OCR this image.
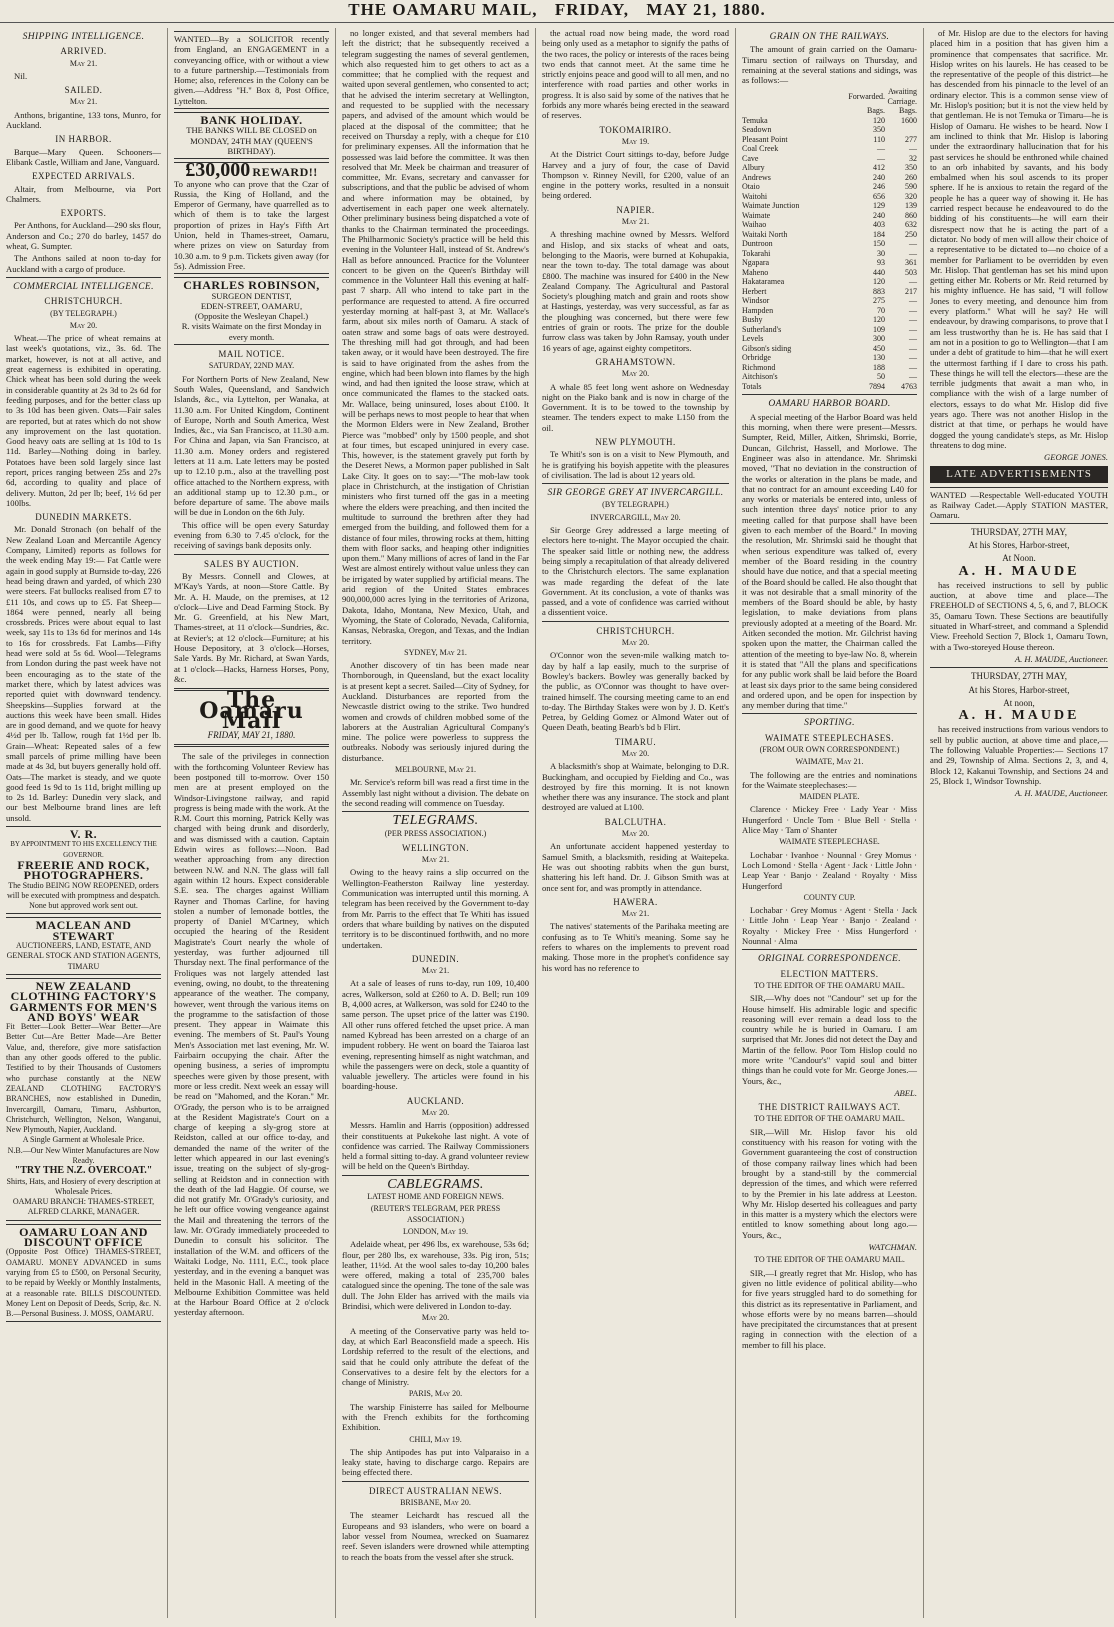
THE OAMARU MAIL, FRIDAY, MAY 21, 1880.
SHIPPING INTELLIGENCE.
ARRIVED.
May 21.

Nil.

SAILED.
May 21.

Anthons, brigantine, 133 tons, Munro, for Auckland.

IN HARBOR.

Barque—Mary Queen. Schooners—Elibank Castle, William and Jane, Vanguard.

EXPECTED ARRIVALS.

Altair, from Melbourne, via Port Chalmers.

EXPORTS.

Per Anthons, for Auckland—290 sks flour, Anderson and Co.; 270 do barley, 1457 do wheat, G. Sumpter.

The Anthons sailed at noon to-day for Auckland with a cargo of produce.

COMMERCIAL INTELLIGENCE.
CHRISTCHURCH.
(BY TELEGRAPH.)
May 20.

Wheat.—The price of wheat remains at last week's quotations, viz., 3s. 6d. The market, however, is not at all active, and great eagerness is exhibited in operating. Chick wheat has been sold during the week in considerable quantity at 2s 3d to 2s 6d for feeding purposes, and for the better class up to 3s 10d has been given. Oats—Fair sales are reported, but at rates which do not show any improvement on the last quotation. Good heavy oats are selling at 1s 10d to 1s 11d. Barley—Nothing doing in barley. Potatoes have been sold largely since last report, prices ranging between 25s and 27s 6d, according to quality and place of delivery. Mutton, 2d per lb; beef, 1½ 6d per 100lbs.

DUNEDIN MARKETS.

Mr. Donald Stronach (on behalf of the New Zealand Loan and Mercantile Agency Company, Limited) reports as follows for the week ending May 19:— Fat Cattle were again in good supply at Burnside to-day, 226 head being drawn and yarded, of which 230 were steers. Fat bullocks realised from £7 to £11 10s, and cows up to £5. Fat Sheep—1864 were penned, nearly all being crossbreds. Prices were about equal to last week, say 11s to 13s 6d for merinos and 14s to 16s for crossbreds. Fat Lambs—Fifty head were sold at 5s 6d. Wool—Telegrams from London during the past week have not been encouraging as to the state of the market there, which by latest advices was reported quiet with downward tendency. Sheepskins—Supplies forward at the auctions this week have been small. Hides are in good demand, and we quote for heavy 4½d per lb. Tallow, rough fat 1½d per lb. Grain—Wheat: Repeated sales of a few small parcels of prime milling have been made at 4s 3d, but buyers generally hold off. Oats—The market is steady, and we quote good feed 1s 9d to 1s 11d, bright milling up to 2s 1d. Barley: Dunedin very slack, and our best Melbourne brand lines are left unsold.

V. R.
BY APPOINTMENT TO HIS EXCELLENCY THE GOVERNOR.
FREERIE AND ROCK, PHOTOGRAPHERS.
The Studio BEING NOW REOPENED, orders will be executed with promptness and despatch. None but approved work sent out.
MACLEAN AND STEWART
AUCTIONEERS, LAND, ESTATE, AND GENERAL STOCK AND STATION AGENTS, TIMARU
NEW ZEALAND CLOTHING FACTORY'S GARMENTS FOR MEN'S AND BOYS' WEAR
Fit Better—Look Better—Wear Better—Are Better Cut—Are Better Made—Are Better Value, and, therefore, give more satisfaction than any other goods offered to the public. Testified to by their Thousands of Customers who purchase constantly at the NEW ZEALAND CLOTHING FACTORY'S BRANCHES, now established in Dunedin, Invercargill, Oamaru, Timaru, Ashburton, Christchurch, Wellington, Nelson, Wanganui, New Plymouth, Napier, Auckland.
A Single Garment at Wholesale Price.
N.B.—Our New Winter Manufactures are Now Ready.
"TRY THE N.Z. OVERCOAT."
Shirts, Hats, and Hosiery of every description at Wholesale Prices.
OAMARU BRANCH: THAMES-STREET, ALFRED CLARKE, MANAGER.
OAMARU LOAN AND DISCOUNT OFFICE
(Opposite Post Office) THAMES-STREET, OAMARU. MONEY ADVANCED in sums varying from £5 to £500, on Personal Security, to be repaid by Weekly or Monthly Instalments, at a reasonable rate. BILLS DISCOUNTED. Money Lent on Deposit of Deeds, Scrip, &c. N. B.—Personal Business. J. MOSS, OAMARU.
WANTED—By a SOLICITOR recently from England, an ENGAGEMENT in a conveyancing office, with or without a view to a future partnership.—Testimonials from Home; also, references in the Colony can be given.—Address "H." Box 8, Post Office, Lyttelton.
BANK HOLIDAY.
THE BANKS WILL BE CLOSED on MONDAY, 24TH MAY (QUEEN'S BIRTHDAY).
£30,000 REWARD!!
To anyone who can prove that the Czar of Russia, the King of Holland, and the Emperor of Germany, have quarrelled as to which of them is to take the largest proportion of prizes in Hay's Fifth Art Union, held in Thames-street, Oamaru, where prizes on view on Saturday from 10.30 a.m. to 9 p.m. Tickets given away (for 5s). Admission Free.
CHARLES ROBINSON,
SURGEON DENTIST,
EDEN-STREET, OAMARU,
(Opposite the Wesleyan Chapel.)
R. visits Waimate on the first Monday in every month.
MAIL NOTICE.
SATURDAY, 22ND MAY.

For Northern Ports of New Zealand, New South Wales, Queensland, and Sandwich Islands, &c., via Lyttelton, per Wanaka, at 11.30 a.m. For United Kingdom, Continent of Europe, North and South America, West Indies, &c., via San Francisco, at 11.30 a.m. For China and Japan, via San Francisco, at 11.30 a.m. Money orders and registered letters at 11 a.m. Late letters may be posted up to 12.10 p.m., also at the travelling post office attached to the Northern express, with an additional stamp up to 12.30 p.m., or before departure of same. The above mails will be due in London on the 6th July.

This office will be open every Saturday evening from 6.30 to 7.45 o'clock, for the receiving of savings bank deposits only.

SALES BY AUCTION.

By Messrs. Connell and Clowes, at M'Kay's Yards, at noon—Store Cattle. By Mr. A. H. Maude, on the premises, at 12 o'clock—Live and Dead Farming Stock. By Mr. G. Greenfield, at his New Mart, Thames-street, at 11 o'clock—Sundries, &c. at Revier's; at 12 o'clock—Furniture; at his House Depository, at 3 o'clock—Horses, Sale Yards. By Mr. Richard, at Swan Yards, at 1 o'clock—Hacks, Harness Horses, Pony, &c.

The Oamaru Mail
FRIDAY, MAY 21, 1880.

The sale of the privileges in connection with the forthcoming Volunteer Review has been postponed till to-morrow. Over 150 men are at present employed on the Windsor-Livingstone railway, and rapid progress is being made with the work. At the R.M. Court this morning, Patrick Kelly was charged with being drunk and disorderly, and was dismissed with a caution. Captain Edwin wires as follows:—Noon. Bad weather approaching from any direction between N.W. and N.N. The glass will fall again within 12 hours. Expect considerable S.E. sea. The charges against William Rayner and Thomas Carline, for having stolen a number of lemonade bottles, the property of Daniel M'Cartney, which occupied the hearing of the Resident Magistrate's Court nearly the whole of yesterday, was further adjourned till Thursday next. The final performance of the Froliques was not largely attended last evening, owing, no doubt, to the threatening appearance of the weather. The company, however, went through the various items on the programme to the satisfaction of those present. They appear in Waimate this evening. The members of St. Paul's Young Men's Association met last evening, Mr. W. Fairbairn occupying the chair. After the opening business, a series of impromptu speeches were given by those present, with more or less credit. Next week an essay will be read on "Mahomed, and the Koran." Mr. O'Grady, the person who is to be arraigned at the Resident Magistrate's Court on a charge of keeping a sly-grog store at Reidston, called at our office to-day, and demanded the name of the writer of the letter which appeared in our last evening's issue, treating on the subject of sly-grog-selling at Reidston and in connection with the death of the lad Haggie. Of course, we did not gratify Mr. O'Grady's curiosity, and he left our office vowing vengeance against the Mail and threatening the terrors of the law. Mr. O'Grady immediately proceeded to Dunedin to consult his solicitor. The installation of the W.M. and officers of the Waitaki Lodge, No. 1111, E.C., took place yesterday, and in the evening a banquet was held in the Masonic Hall. A meeting of the Melbourne Exhibition Committee was held at the Harbour Board Office at 2 o'clock yesterday afternoon.

no longer existed, and that several members had left the district; that he subsequently received a telegram suggesting the names of several gentlemen, which also requested him to get others to act as a committee; that he complied with the request and waited upon several gentlemen, who consented to act; that he advised the interim secretary at Wellington, and requested to be supplied with the necessary papers, and advised of the amount which would be placed at the disposal of the committee; that he received on Thursday a reply, with a cheque for £10 for preliminary expenses. All the information that he possessed was laid before the committee. It was then resolved that Mr. Meek be chairman and treasurer of committee, Mr. Evans, secretary and canvasser for subscriptions, and that the public be advised of whom and where information may be obtained, by advertisement in each paper one week alternately. Other preliminary business being dispatched a vote of thanks to the Chairman terminated the proceedings. The Philharmonic Society's practice will be held this evening in the Volunteer Hall, instead of St. Andrew's Hall as before announced. Practice for the Volunteer concert to be given on the Queen's Birthday will commence in the Volunteer Hall this evening at half-past 7 sharp. All who intend to take part in the performance are requested to attend. A fire occurred yesterday morning at half-past 3, at Mr. Wallace's farm, about six miles north of Oamaru. A stack of oaten straw and some bags of oats were destroyed. The threshing mill had got through, and had been taken away, or it would have been destroyed. The fire is said to have originated from the ashes from the engine, which had been blown into flames by the high wind, and had then ignited the loose straw, which at once communicated the flames to the stacked oats. Mr. Wallace, being uninsured, loses about £100. It will be perhaps news to most people to hear that when the Mormon Elders were in New Zealand, Brother Pierce was "mobbed" only by 1500 people, and shot at four times, but escaped uninjured in every case. This, however, is the statement gravely put forth by the Deseret News, a Mormon paper published in Salt Lake City. It goes on to say:—"The mob-law took place in Christchurch, at the instigation of Christian ministers who first turned off the gas in a meeting where the elders were preaching, and then incited the multitude to surround the brethren after they had emerged from the building, and followed them for a distance of four miles, throwing rocks at them, hitting them with floor sacks, and heaping other indignities upon them." Many millions of acres of land in the Far West are almost entirely without value unless they can be irrigated by water supplied by artificial means. The arid region of the United States embraces 900,000,000 acres lying in the territories of Arizona, Dakota, Idaho, Montana, New Mexico, Utah, and Wyoming, the State of Colorado, Nevada, California, Kansas, Nebraska, Oregon, and Texas, and the Indian territory.

SYDNEY, May 21.

Another discovery of tin has been made near Thornborough, in Queensland, but the exact locality is at present kept a secret. Sailed—City of Sydney, for Auckland. Disturbances are reported from the Newcastle district owing to the strike. Two hundred women and crowds of children mobbed some of the laborers at the Australian Agricultural Company's mine. The police were powerless to suppress the outbreaks. Nobody was seriously injured during the disturbance.

MELBOURNE, May 21.

Mr. Service's reform bill was read a first time in the Assembly last night without a division. The debate on the second reading will commence on Tuesday.

TELEGRAMS.
(PER PRESS ASSOCIATION.)
WELLINGTON.
May 21.

Owing to the heavy rains a slip occurred on the Wellington-Featherston Railway line yesterday. Communication was interrupted until this morning. A telegram has been received by the Government to-day from Mr. Parris to the effect that Te Whiti has issued orders that whare building by natives on the disputed territory is to be discontinued forthwith, and no more undertaken.

DUNEDIN.
May 21.

At a sale of leases of runs to-day, run 109, 10,400 acres, Walkerson, sold at £260 to A. D. Bell; run 109 B, 4,000 acres, at Walkerson, was sold for £240 to the same person. The upset price of the latter was £190. All other runs offered fetched the upset price. A man named Kybread has been arrested on a charge of an impudent robbery. He went on board the Taiaroa last evening, representing himself as night watchman, and while the passengers were on deck, stole a quantity of valuable jewellery. The articles were found in his boarding-house.

AUCKLAND.
May 20.

Messrs. Hamlin and Harris (opposition) addressed their constituents at Pukekohe last night. A vote of confidence was carried. The Railway Commissioners held a formal sitting to-day. A grand volunteer review will be held on the Queen's Birthday.

CABLEGRAMS.
LATEST HOME AND FOREIGN NEWS.
(REUTER'S TELEGRAM, PER PRESS ASSOCIATION.)
LONDON, May 19.

Adelaide wheat, per 496 lbs, ex warehouse, 53s 6d; flour, per 280 lbs, ex warehouse, 33s. Pig iron, 51s; leather, 11½d. At the wool sales to-day 10,200 bales were offered, making a total of 235,700 bales catalogued since the opening. The tone of the sale was dull. The John Elder has arrived with the mails via Brindisi, which were delivered in London to-day.

May 20.

A meeting of the Conservative party was held to-day, at which Earl Beaconsfield made a speech. His Lordship referred to the result of the elections, and said that he could only attribute the defeat of the Conservatives to a desire felt by the electors for a change of Ministry.

PARIS, May 20.

The warship Finisterre has sailed for Melbourne with the French exhibits for the forthcoming Exhibition.

CHILI, May 19.

The ship Antipodes has put into Valparaiso in a leaky state, having to discharge cargo. Repairs are being effected there.

DIRECT AUSTRALIAN NEWS.
BRISBANE, May 20.

The steamer Leichardt has rescued all the Europeans and 93 islanders, who were on board a labor vessel from Noumea, wrecked on Suamarez reef. Seven islanders were drowned while attempting to reach the boats from the vessel after she struck.

the actual road now being made, the word road being only used as a metaphor to signify the paths of the two races, the policy or interests of the races being two ends that cannot meet. At the same time he strictly enjoins peace and good will to all men, and no interference with road parties and other works in progress. It is also said by some of the natives that he forbids any more wharés being erected in the seaward of reserves.

TOKOMAIRIRO.
May 19.

At the District Court sittings to-day, before Judge Harvey and a jury of four, the case of David Thompson v. Rinney Nevill, for £200, value of an engine in the pottery works, resulted in a nonsuit being ordered.

NAPIER.
May 21.

A threshing machine owned by Messrs. Welford and Hislop, and six stacks of wheat and oats, belonging to the Maoris, were burned at Kohupakia, near the town to-day. The total damage was about £800. The machine was insured for £400 in the New Zealand Company. The Agricultural and Pastoral Society's ploughing match and grain and roots show at Hastings, yesterday, was very successful, as far as the ploughing was concerned, but there were few entries of grain or roots. The prize for the double furrow class was taken by John Ramsay, youth under 16 years of age, against eighty competitors.

GRAHAMSTOWN.
May 20.

A whale 85 feet long went ashore on Wednesday night on the Piako bank and is now in charge of the Government. It is to be towed to the township by steamer. The tenders expect to make L150 from the oil.

NEW PLYMOUTH.

Te Whiti's son is on a visit to New Plymouth, and he is gratifying his boyish appetite with the pleasures of civilisation. The lad is about 12 years old.

SIR GEORGE GREY AT INVERCARGILL.
(BY TELEGRAPH.)
INVERCARGILL, May 20.

Sir George Grey addressed a large meeting of electors here to-night. The Mayor occupied the chair. The speaker said little or nothing new, the address being simply a recapitulation of that already delivered to the Christchurch electors. The same explanation was made regarding the defeat of the late Government. At its conclusion, a vote of thanks was passed, and a vote of confidence was carried without a dissentient voice.

CHRISTCHURCH.
May 20.

O'Connor won the seven-mile walking match to-day by half a lap easily, much to the surprise of Bowley's backers. Bowley was generally backed by the public, as O'Connor was thought to have over-trained himself. The coursing meeting came to an end to-day. The Birthday Stakes were won by J. D. Kett's Petrea, by Gelding Gomez or Almond Water out of Queen Death, beating Bearb's bd b Flirt.

TIMARU.
May 20.

A blacksmith's shop at Waimate, belonging to D.R. Buckingham, and occupied by Fielding and Co., was destroyed by fire this morning. It is not known whether there was any insurance. The stock and plant destroyed are valued at L100.

BALCLUTHA.
May 20.

An unfortunate accident happened yesterday to Samuel Smith, a blacksmith, residing at Waitepeka. He was out shooting rabbits when the gun burst, shattering his left hand. Dr. J. Gibson Smith was at once sent for, and was promptly in attendance.

HAWERA.
May 21.

The natives' statements of the Parihaka meeting are confusing as to Te Whiti's meaning. Some say he refers to whares on the implements to prevent road making. Those more in the prophet's confidence say his word has no reference to

GRAIN ON THE RAILWAYS.

The amount of grain carried on the Oamaru-Timaru section of railways on Thursday, and remaining at the several stations and sidings, was as follows:—

	Forwarded.	Awaiting Carriage.
	Bags.	Bags.
Temuka	120	1600
Seadown	350	
Pleasant Point	110	277
Coal Creek	—	—
Cave	—	32
Albury	412	350
Andrews	240	260
Otaio	246	590
Waitohi	656	320
Waimate Junction	129	139
Waimate	240	860
Waihao	403	632
Waitaki North	184	250
Duntroon	150	—
Tokarahi	30	—
Ngapara	93	361
Maheno	440	503
Hakataramea	120	—
Herbert	883	217
Windsor	275	—
Hampden	70	—
Bushy	120	—
Sutherland's	109	—
Levels	300	—
Gibson's siding	450	—
Orbridge	130	—
Richmond	188	—
Aitchison's	50	—
Totals	7894	4763
OAMARU HARBOR BOARD.

A special meeting of the Harbor Board was held this morning, when there were present—Messrs. Sumpter, Reid, Miller, Aitken, Shrimski, Borrie, Duncan, Gilchrist, Hassell, and Morlowe. The Engineer was also in attendance. Mr. Shrimski moved, "That no deviation in the construction of the works or alteration in the plans be made, and that no contract for an amount exceeding L40 for any works or materials be entered into, unless of such intention three days' notice prior to any meeting called for that purpose shall have been given to each member of the Board." In moving the resolution, Mr. Shrimski said he thought that when serious expenditure was talked of, every member of the Board residing in the country should have due notice, and that a special meeting of the Board should be called. He also thought that it was not desirable that a small minority of the members of the Board should be able, by hasty legislation, to make deviations from plans previously adopted at a meeting of the Board. Mr. Aitken seconded the motion. Mr. Gilchrist having spoken upon the matter, the Chairman called the attention of the meeting to bye-law No. 8, wherein it is stated that "All the plans and specifications for any public work shall be laid before the Board at least six days prior to the same being considered and ordered upon, and be open for inspection by any member during that time."

SPORTING.
WAIMATE STEEPLECHASES.
(FROM OUR OWN CORRESPONDENT.)
WAIMATE, May 21.

The following are the entries and nominations for the Waimate steeplechases:—

MAIDEN PLATE.

Clarence · Mickey Free · Lady Year · Miss Hungerford · Uncle Tom · Blue Bell · Stella · Alice May · Tam o' Shanter

WAIMATE STEEPLECHASE.

Lochabar · Ivanhoe · Nounnal · Grey Momus · Loch Lomond · Stella · Agent · Jack · Little John · Leap Year · Banjo · Zealand · Royalty · Miss Hungerford

COUNTY CUP.

Lochabar · Grey Momus · Agent · Stella · Jack · Little John · Leap Year · Banjo · Zealand · Royalty · Mickey Free · Miss Hungerford · Nounnal · Alma

ORIGINAL CORRESPONDENCE.
ELECTION MATTERS.
TO THE EDITOR OF THE OAMARU MAIL.

SIR,—Why does not "Candour" set up for the House himself. His admirable logic and specific reasoning will ever remain a dead loss to the country while he is buried in Oamaru. I am surprised that Mr. Jones did not detect the Day and Martin of the fellow. Poor Tom Hislop could no more write "Candour's" vapid soul and bitter things than he could vote for Mr. George Jones.—Yours, &c.,

ABEL.
THE DISTRICT RAILWAYS ACT.
TO THE EDITOR OF THE OAMARU MAIL.

SIR,—Will Mr. Hislop favor his old constituency with his reason for voting with the Government guaranteeing the cost of construction of those company railway lines which had been brought by a stand-still by the commercial depression of the times, and which were referred to by the Premier in his late address at Leeston. Why Mr. Hislop deserted his colleagues and party in this matter is a mystery which the electors were entitled to know something about long ago.—Yours, &c.,

WATCHMAN.
TO THE EDITOR OF THE OAMARU MAIL.

SIR,—I greatly regret that Mr. Hislop, who has given no little evidence of political ability—who for five years struggled hard to do something for this district as its representative in Parliament, and whose efforts were by no means barren—should have precipitated the circumstances that at present raging in connection with the election of a member to fill his place.

of Mr. Hislop are due to the electors for having placed him in a position that has given him a prominence that compensates that sacrifice. Mr. Hislop writes on his laurels. He has ceased to be the representative of the people of this district—he has descended from his pinnacle to the level of an ordinary elector. This is a common sense view of Mr. Hislop's position; but it is not the view held by that gentleman. He is not Temuka or Timaru—he is Hislop of Oamaru. He wishes to be heard. Now I am inclined to think that Mr. Hislop is laboring under the extraordinary hallucination that for his past services he should be enthroned while chained to an orb inhabited by savants, and his body embalmed when his soul ascends to its proper sphere. If he is anxious to retain the regard of the people he has a queer way of showing it. He has carried respect because he endeavoured to do the bidding of his constituents—he will earn their disrespect now that he is acting the part of a dictator. No body of men will allow their choice of a representative to be dictated to—no choice of a member for Parliament to be overridden by even Mr. Hislop. That gentleman has set his mind upon getting either Mr. Roberts or Mr. Reid returned by his mighty influence. He has said, "I will follow Jones to every meeting, and denounce him from every platform." What will he say? He will endeavour, by drawing comparisons, to prove that I am less trustworthy than he is. He has said that I am not in a position to go to Wellington—that I am under a debt of gratitude to him—that he will exert the uttermost farthing if I dare to cross his path. These things he will tell the electors—these are the terrible judgments that await a man who, in compliance with the wish of a large number of electors, essays to do what Mr. Hislop did five years ago. There was not another Hislop in the district at that time, or perhaps he would have dogged the young candidate's steps, as Mr. Hislop threatens to dog mine.

GEORGE JONES.
LATE ADVERTISEMENTS
WANTED —Respectable Well-educated YOUTH as Railway Cadet.—Apply STATION MASTER, Oamaru.
THURSDAY, 27TH MAY,
At his Stores, Harbor-street,
At Noon.
A. H. MAUDE

has received instructions to sell by public auction, at above time and place—The FREEHOLD of SECTIONS 4, 5, 6, and 7, BLOCK 35, Oamaru Town. These Sections are beautifully situated in Wharf-street, and command a Splendid View. Freehold Section 7, Block 1, Oamaru Town, with a Two-storeyed House thereon.

A. H. MAUDE, Auctioneer.
THURSDAY, 27TH MAY,
At his Stores, Harbor-street,
At noon,
A. H. MAUDE

has received instructions from various vendors to sell by public auction, at above time and place,— The following Valuable Properties:— Sections 17 and 29, Township of Alma. Sections 2, 3, and 4, Block 12, Kakanui Township, and Sections 24 and 25, Block 1, Windsor Township.

A. H. MAUDE, Auctioneer.
